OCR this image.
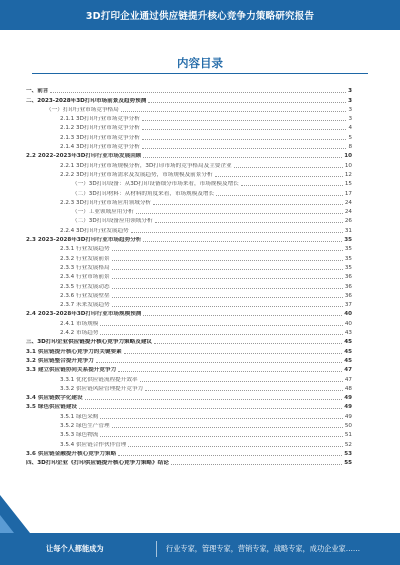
3D打印企业通过供应链提升核心竞争力策略研究报告
内容目录
一、前言	3
二、2023-2028年3D打印市场前景及趋势预测	3
（一）打印行业市场竞争格局	3
2.1.1 3D打印行业市场竞争分析	3
2.1.2 3D打印行业市场竞争分析	4
2.1.3 3D打印行业市场竞争分析	5
2.1.4 3D打印行业市场竞争分析	8
2.2 2022-2023年3D打印行业市场发展回顾	10
2.2.1 3D打印行业市场规模分析，3D打印市场的竞争格局及主要企业	10
2.2.2 3D打印行业市场需求及发展趋势，市场规模及前景分析	12
（一）3D打印设备：从3D打印设备细分市场来看，市场规模及增长	15
（二）3D打印材料：从材料的角度来看，市场规模及增长	17
2.2.3 3D打印行业市场应用领域分析	24
（一）工业领域应用分析	24
（二）3D打印设备应用领域分析	26
2.2.4 3D打印行业发展趋势	31
2.3 2023-2028年3D打印行业市场趋势分析	35
2.3.1 行业发展趋势	35
2.3.2 行业发展前景	35
2.3.3 行业发展格局	35
2.3.4 行业市场前景	36
2.3.5 行业发展动态	36
2.3.6 行业发展壁垒	36
2.3.7 未来发展趋势	37
2.4 2023-2028年3D打印行业市场规模预测	40
2.4.1 市场规模	40
2.4.2 市场趋势	43
三、3D打印企业供应链提升核心竞争力策略及建议	45
3.1 供应链提升核心竞争力的关键要素	45
3.2 供应链整合提升竞争力	45
3.3 建立供应链协同关系提升竞争力	47
3.3.1 优化供应链流程提升效率	47
3.3.2 供应链风险管理提升竞争力	48
3.4 供应链数字化建设	49
3.5 绿色供应链建设	49
3.5.1 绿色采购	49
3.5.2 绿色生产管理	50
3.5.3 绿色物流	51
3.5.4 供应链合作伙伴管理	52
3.6 供应链金融提升核心竞争力策略	53
四、3D打印企业《打印供应链提升核心竞争力策略》结论	55
让每个人都能成为	行业专家，管理专家，营销专家，战略专家，成功企业家……
